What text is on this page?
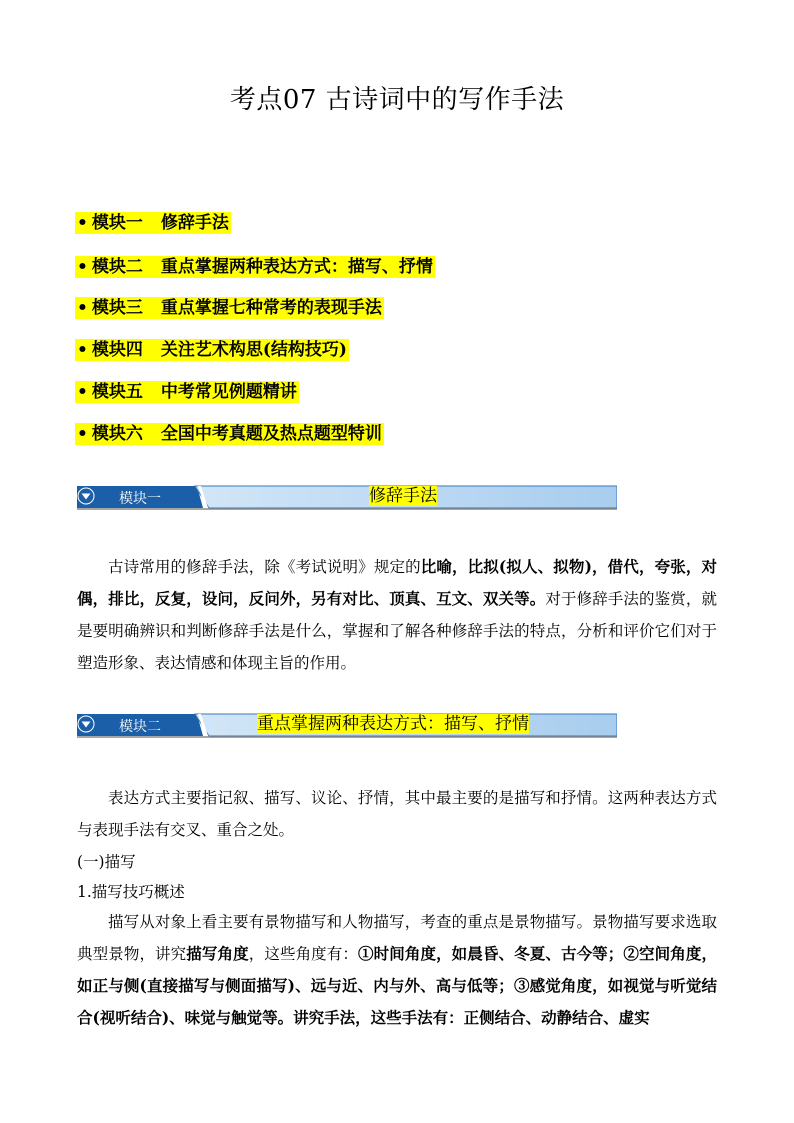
考点07 古诗词中的写作手法
• 模块一 修辞手法
• 模块二 重点掌握两种表达方式：描写、抒情
• 模块三 重点掌握七种常考的表现手法
• 模块四 关注艺术构思(结构技巧)
• 模块五 中考常见例题精讲
• 模块六 全国中考真题及热点题型特训
模块一	修辞手法
古诗常用的修辞手法，除《考试说明》规定的比喻，比拟(拟人、拟物)，借代，夸张，对偶，排比，反复，设问，反问外，另有对比、顶真、互文、双关等。对于修辞手法的鉴赏，就是要明确辨识和判断修辞手法是什么，掌握和了解各种修辞手法的特点，分析和评价它们对于塑造形象、表达情感和体现主旨的作用。
模块二	重点掌握两种表达方式：描写、抒情
表达方式主要指记叙、描写、议论、抒情，其中最主要的是描写和抒情。这两种表达方式与表现手法有交叉、重合之处。
(一)描写
1.描写技巧概述
描写从对象上看主要有景物描写和人物描写，考查的重点是景物描写。景物描写要求选取典型景物，讲究描写角度，这些角度有：①时间角度，如晨昏、冬夏、古今等；②空间角度，如正与侧(直接描写与侧面描写)、远与近、内与外、高与低等；③感觉角度，如视觉与听觉结合(视听结合)、味觉与触觉等。讲究手法，这些手法有：正侧结合、动静结合、虚实
